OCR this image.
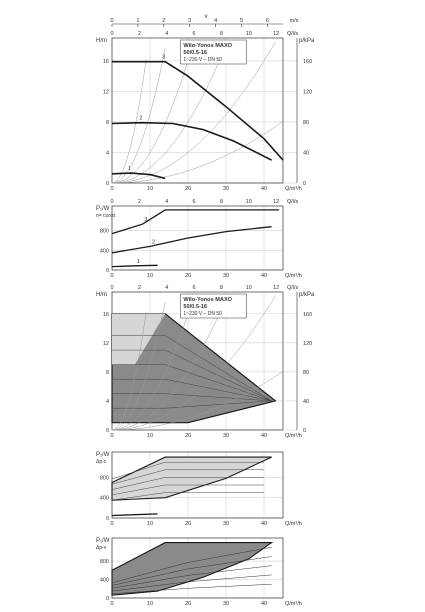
0	1	2	3	4	5	6	m/s
v
0	10	20	30	40
0
4
8
12
16
H/m
Q/m³/h
0	2	4	6	8	10	12 Q/l/s
0
40
80
120
160
p/kPa
Wilo-Yonos MAXO
50/0.5-16
1~230 V – DN 50
1
2
3
0	10	20	30	40
0
400
800
P₁/W
n= const
Q/m³/h
0	2	4	6	8	10	12 Q/l/s
1
2
3
0	10	20	30	40
0
4
8
12
16
H/m
Q/m³/h
0	2	4	6	8	10	12 Q/l/s
0
40
80
120
160
p/kPa
Wilo-Yonos MAXO
50/0.5-16
1~230 V – DN 50
0	10	20	30	40
0
400
800
P₁/W
Δp-c
Q/m³/h
0	10	20	30	40
0
400
800
P₁/W
Δp-v
Q/m³/h
